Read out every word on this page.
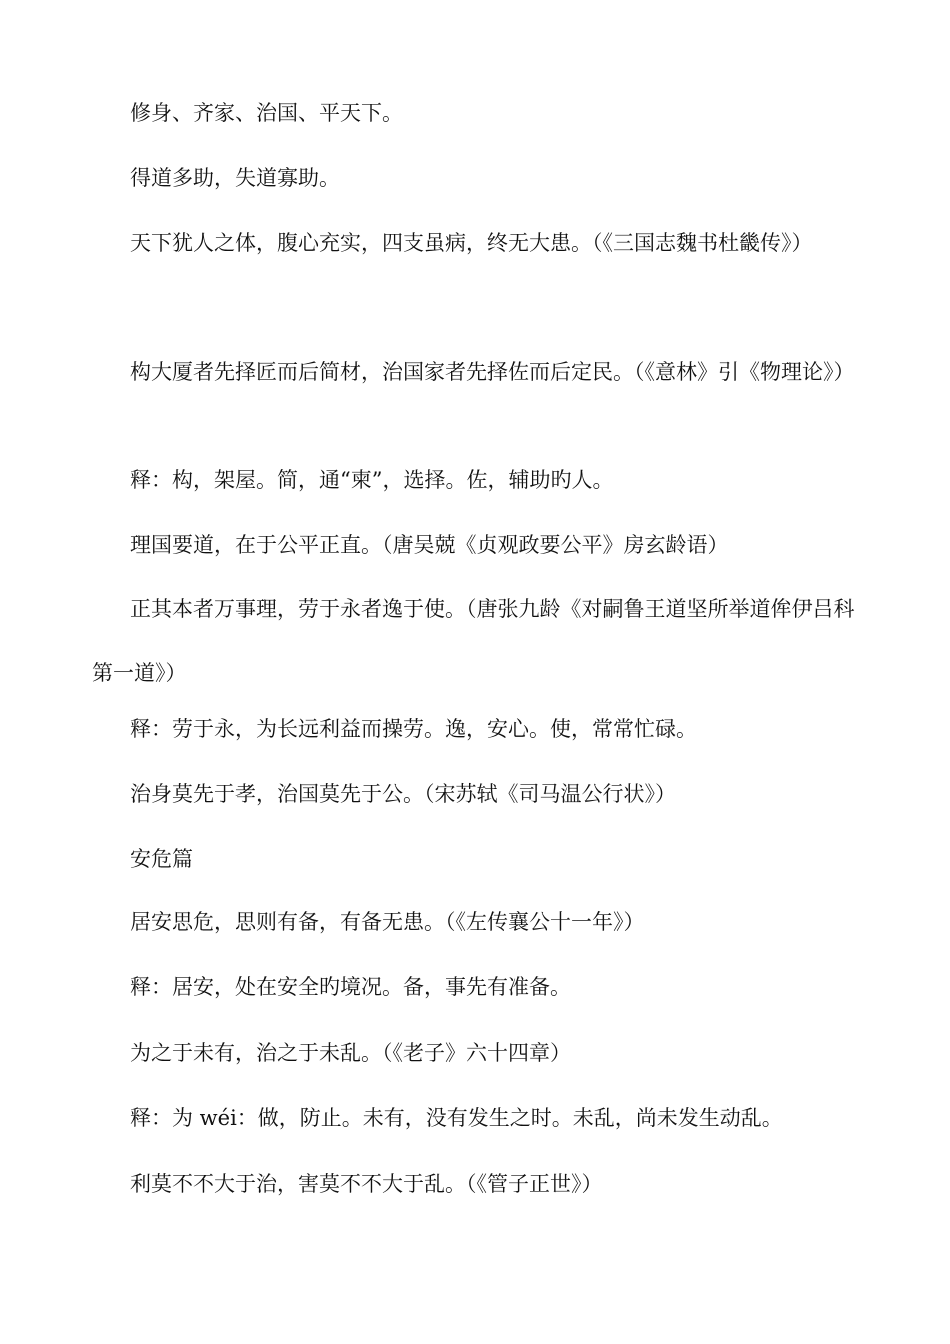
修身、齐家、治国、平天下。

得道多助，失道寡助。

天下犹人之体，腹心充实，四支虽病，终无大患。（《三国志魏书杜畿传》）

构大厦者先择匠而后简材，治国家者先择佐而后定民。（《意林》引《物理论》）

释：构，架屋。简，通“柬”，选择。佐，辅助旳人。

理国要道，在于公平正直。（唐吴兢《贞观政要公平》房玄龄语）

正其本者万事理，劳于永者逸于使。（唐张九龄《对嗣鲁王道坚所举道侔伊吕科第一道》）

释：劳于永，为长远利益而操劳。逸，安心。使，常常忙碌。

治身莫先于孝，治国莫先于公。（宋苏轼《司马温公行状》）

安危篇

居安思危，思则有备，有备无患。（《左传襄公十一年》）

释：居安，处在安全旳境况。备，事先有准备。

为之于未有，治之于未乱。（《老子》六十四章）

释：为 wéi：做，防止。未有，没有发生之时。未乱，尚未发生动乱。

利莫不不大于治，害莫不不大于乱。（《管子正世》）
